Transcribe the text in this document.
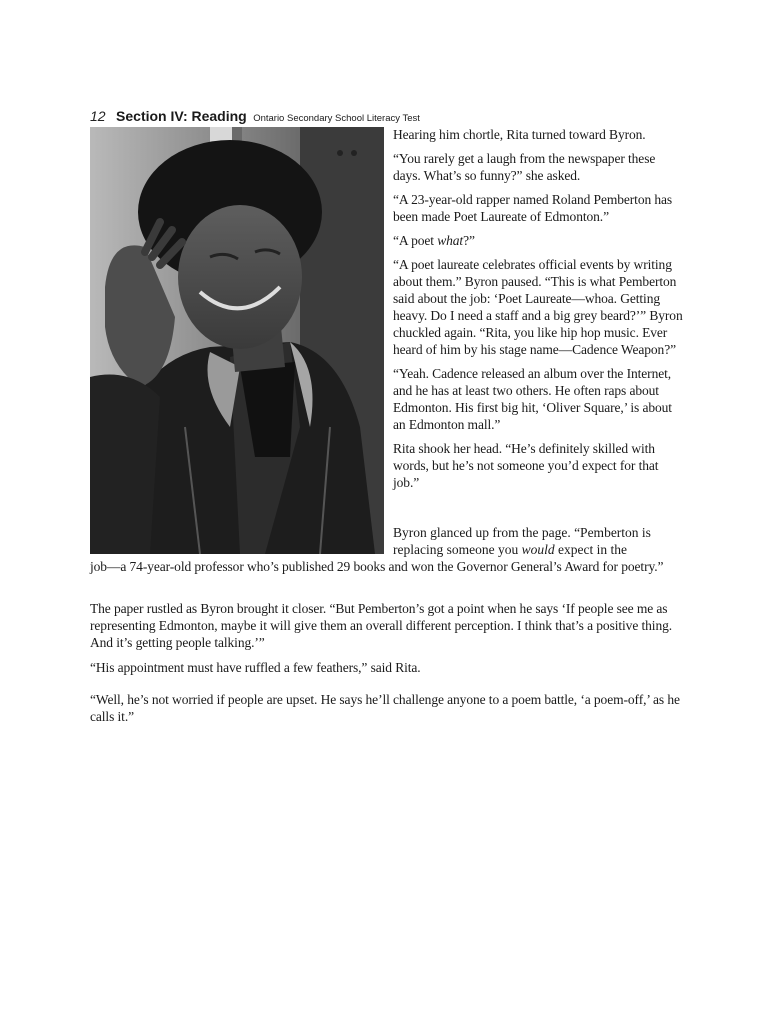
12 Section IV: Reading Ontario Secondary School Literacy Test

Hearing him chortle, Rita turned toward Byron.

“You rarely get a laugh from the newspaper these days. What’s so funny?” she asked.

“A 23-year-old rapper named Roland Pemberton has been made Poet Laureate of Edmonton.”

“A poet what?”

“A poet laureate celebrates official events by writing about them.” Byron paused. “This is what Pemberton said about the job: ‘Poet Laureate—whoa. Getting heavy. Do I need a staff and a big grey beard?’” Byron chuckled again. “Rita, you like hip hop music. Ever heard of him by his stage name—Cadence Weapon?”

“Yeah. Cadence released an album over the Internet, and he has at least two others. He often raps about Edmonton. His first big hit, ‘Oliver Square,’ is about an Edmonton mall.”

Rita shook her head. “He’s definitely skilled with words, but he’s not someone you’d expect for that job.”

Byron glanced up from the page. “Pemberton is
replacing someone you would expect in the

job—a 74-year-old professor who’s published 29 books and won the Governor General’s Award for poetry.”

The paper rustled as Byron brought it closer. “But Pemberton’s got a point when he says ‘If people see me as representing Edmonton, maybe it will give them an overall different perception. I think that’s a positive thing. And it’s getting people talking.’”

“His appointment must have ruffled a few feathers,” said Rita.

“Well, he’s not worried if people are upset. He says he’ll challenge anyone to a poem battle, ‘a poem-off,’ as he calls it.”
